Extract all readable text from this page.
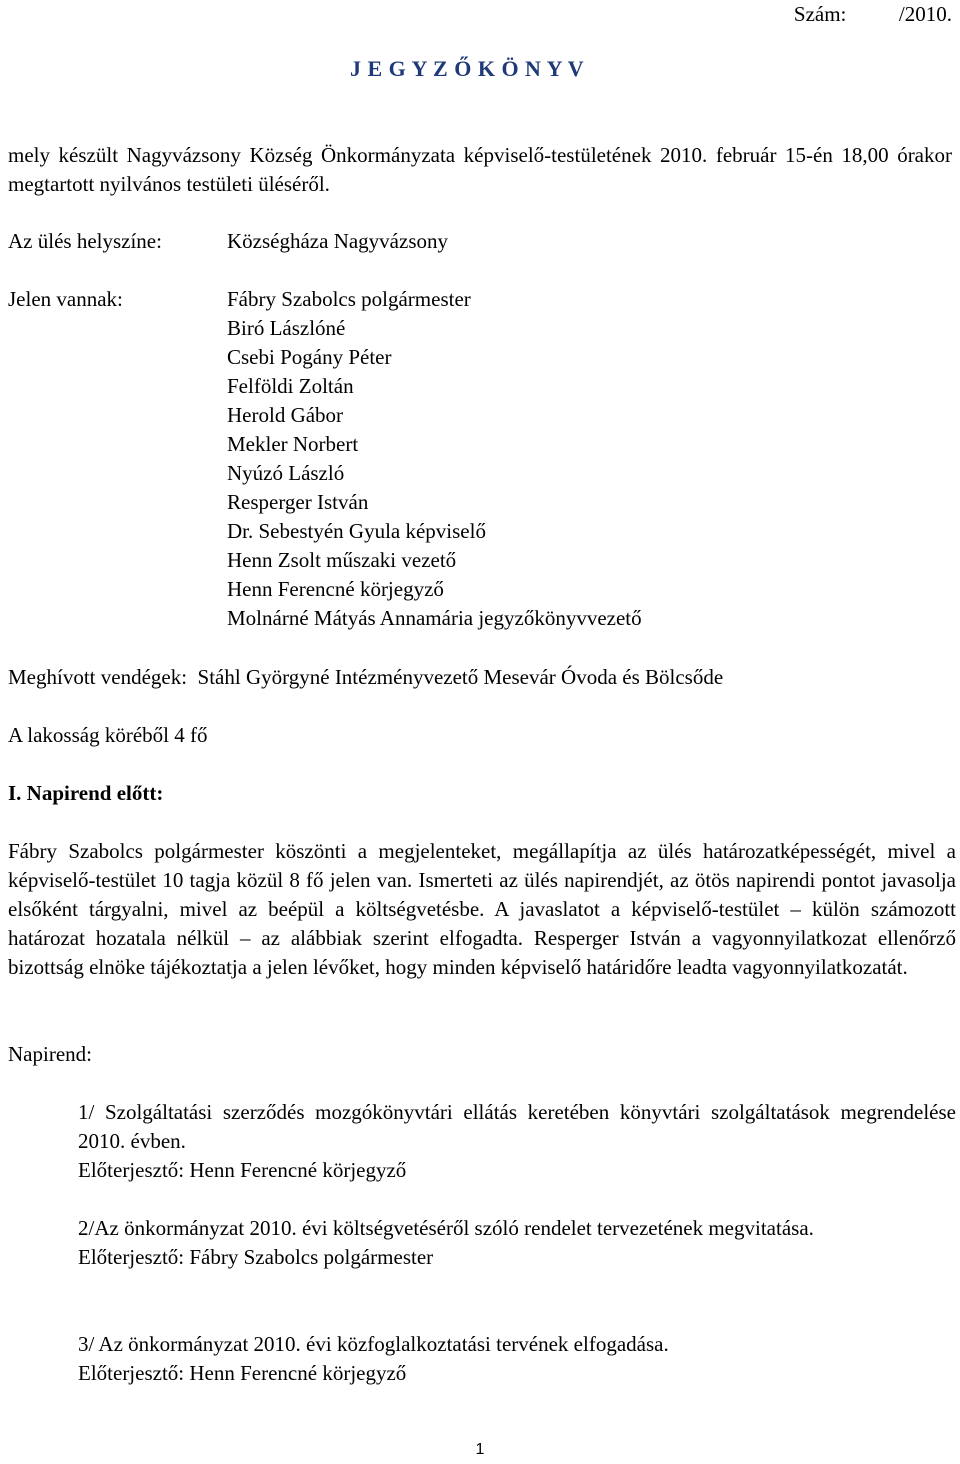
Szám:	/2010.
J E G Y Z Ő K Ö N Y V

mely készült Nagyvázsony Község Önkormányzata képviselő-testületének 2010. február 15-én 18,00 órakor megtartott nyilvános testületi üléséről.

Az ülés helyszíne:	Községháza Nagyvázsony
Jelen vannak:	Fábry Szabolcs polgármester
Biró Lászlóné
Csebi Pogány Péter
Felföldi Zoltán
Herold Gábor
Mekler Norbert
Nyúzó László
Resperger István
Dr. Sebestyén Gyula képviselő
Henn Zsolt műszaki vezető
Henn Ferencné körjegyző
Molnárné Mátyás Annamária jegyzőkönyvvezető
Meghívott vendégek: Stáhl Györgyné Intézményvezető Mesevár Óvoda és Bölcsőde
A lakosság köréből 4 fő
I. Napirend előtt:

Fábry Szabolcs polgármester köszönti a megjelenteket, megállapítja az ülés határozatképességét, mivel a képviselő-testület 10 tagja közül 8 fő jelen van. Ismerteti az ülés napirendjét, az ötös napirendi pontot javasolja elsőként tárgyalni, mivel az beépül a költségvetésbe. A javaslatot a képviselő-testület – külön számozott határozat hozatala nélkül – az alábbiak szerint elfogadta. Resperger István a vagyonnyilatkozat ellenőrző bizottság elnöke tájékoztatja a jelen lévőket, hogy minden képviselő határidőre leadta vagyonnyilatkozatát.

Napirend:
1/ Szolgáltatási szerződés mozgókönyvtári ellátás keretében könyvtári szolgáltatások megrendelése 2010. évben.
Előterjesztő: Henn Ferencné körjegyző
2/Az önkormányzat 2010. évi költségvetéséről szóló rendelet tervezetének megvitatása.
Előterjesztő: Fábry Szabolcs polgármester
3/ Az önkormányzat 2010. évi közfoglalkoztatási tervének elfogadása.
Előterjesztő: Henn Ferencné körjegyző
1
